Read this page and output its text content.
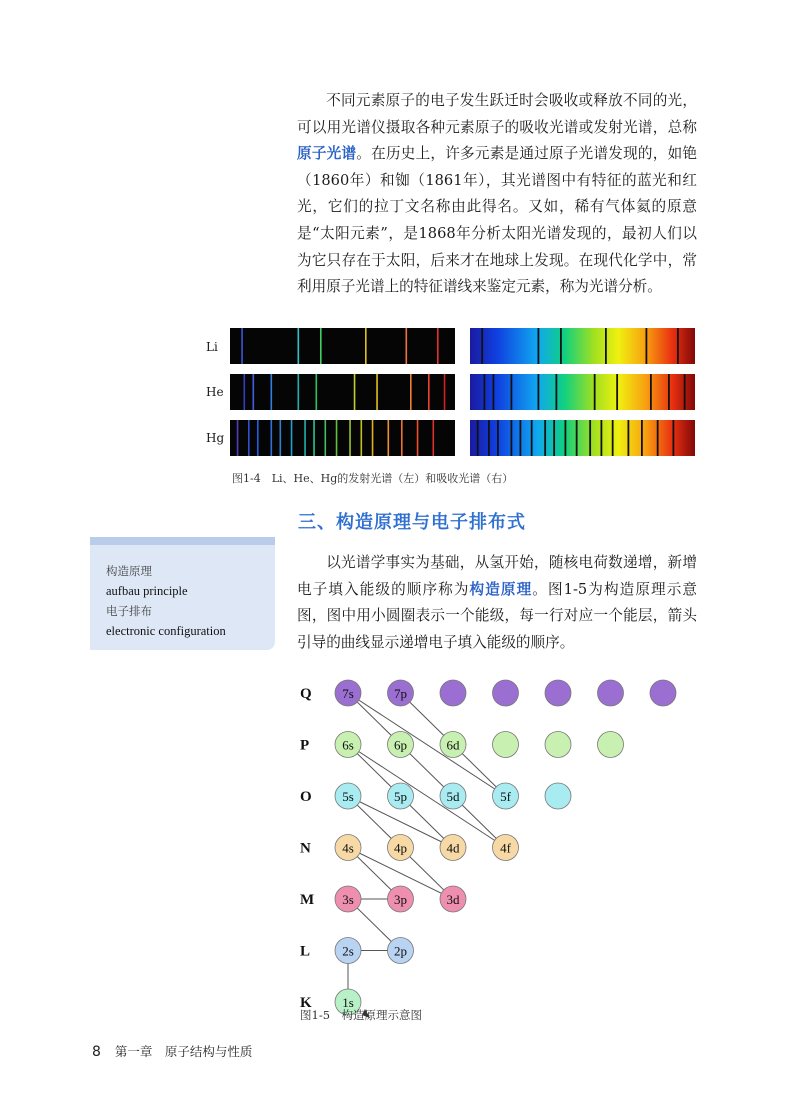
不同元素原子的电子发生跃迁时会吸收或释放不同的光，可以用光谱仪摄取各种元素原子的吸收光谱或发射光谱，总称原子光谱。在历史上，许多元素是通过原子光谱发现的，如铯（1860年）和铷（1861年），其光谱图中有特征的蓝光和红光，它们的拉丁文名称由此得名。又如，稀有气体氦的原意是“太阳元素”，是1868年分析太阳光谱发现的，最初人们以为它只存在于太阳，后来才在地球上发现。在现代化学中，常利用原子光谱上的特征谱线来鉴定元素，称为光谱分析。

Li
He
Hg
图1-4　Li、He、Hg的发射光谱（左）和吸收光谱（右）
三、构造原理与电子排布式
构造原理
aufbau principle
电子排布
electronic configuration

以光谱学事实为基础，从氢开始，随核电荷数递增，新增电子填入能级的顺序称为构造原理。图1-5为构造原理示意图，图中用小圆圈表示一个能级，每一行对应一个能层，箭头引导的曲线显示递增电子填入能级的顺序。

Q 7s	7p
P	6s	6p	6d
O 5s	5p	5d	5f
N 4s	4p	4d	4f
M 3s	3p	3d
L 2s	2p
K 1s
图1-5　构造原理示意图
8 第一章　原子结构与性质
